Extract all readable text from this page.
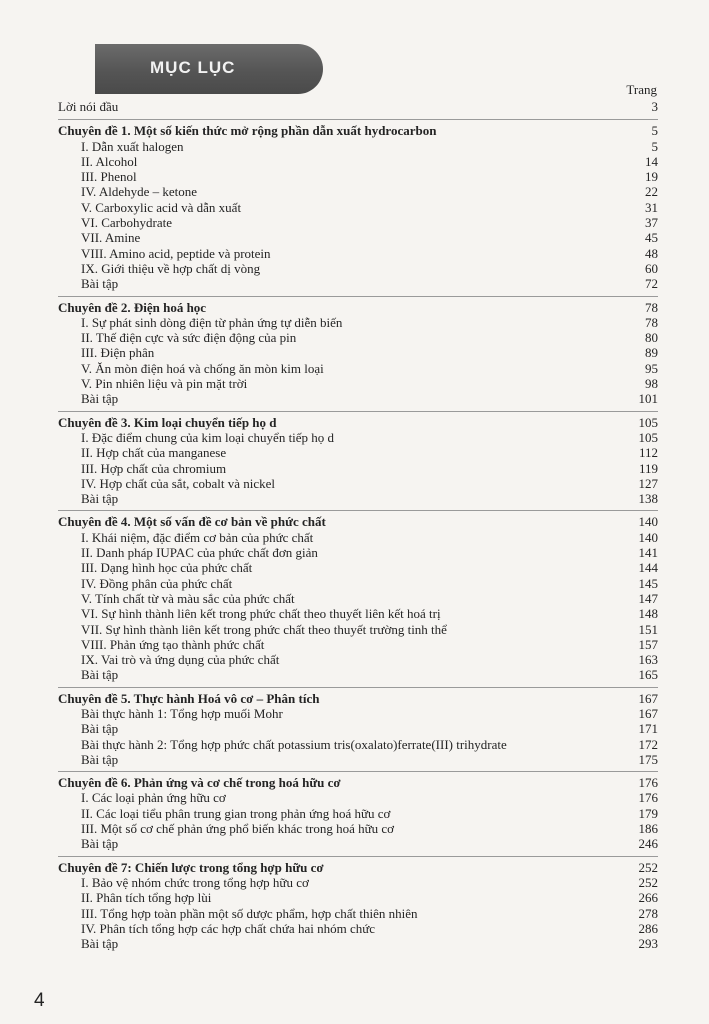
MỤC LỤC
Trang
Lời nói đầu	3
Chuyên đề 1. Một số kiến thức mở rộng phần dẫn xuất hydrocarbon	5
I. Dẫn xuất halogen	5
II. Alcohol	14
III. Phenol	19
IV. Aldehyde – ketone	22
V. Carboxylic acid và dẫn xuất	31
VI. Carbohydrate	37
VII. Amine	45
VIII. Amino acid, peptide và protein	48
IX. Giới thiệu về hợp chất dị vòng	60
Bài tập	72
Chuyên đề 2. Điện hoá học	78
I. Sự phát sinh dòng điện từ phản ứng tự diễn biến	78
II. Thế điện cực và sức điện động của pin	80
III. Điện phân	89
V. Ăn mòn điện hoá và chống ăn mòn kim loại	95
V. Pin nhiên liệu và pin mặt trời	98
Bài tập	101
Chuyên đề 3. Kim loại chuyển tiếp họ d	105
I. Đặc điểm chung của kim loại chuyển tiếp họ d	105
II. Hợp chất của manganese	112
III. Hợp chất của chromium	119
IV. Hợp chất của sắt, cobalt và nickel	127
Bài tập	138
Chuyên đề 4. Một số vấn đề cơ bản về phức chất	140
I. Khái niệm, đặc điểm cơ bản của phức chất	140
II. Danh pháp IUPAC của phức chất đơn giản	141
III. Dạng hình học của phức chất	144
IV. Đồng phân của phức chất	145
V. Tính chất từ và màu sắc của phức chất	147
VI. Sự hình thành liên kết trong phức chất theo thuyết liên kết hoá trị	148
VII. Sự hình thành liên kết trong phức chất theo thuyết trường tinh thể	151
VIII. Phản ứng tạo thành phức chất	157
IX. Vai trò và ứng dụng của phức chất	163
Bài tập	165
Chuyên đề 5. Thực hành Hoá vô cơ – Phân tích	167
Bài thực hành 1: Tổng hợp muối Mohr	167
Bài tập	171
Bài thực hành 2: Tổng hợp phức chất potassium tris(oxalato)ferrate(III) trihydrate	172
Bài tập	175
Chuyên đề 6. Phản ứng và cơ chế trong hoá hữu cơ	176
I. Các loại phản ứng hữu cơ	176
II. Các loại tiểu phân trung gian trong phản ứng hoá hữu cơ	179
III. Một số cơ chế phản ứng phổ biến khác trong hoá hữu cơ	186
Bài tập	246
Chuyên đề 7: Chiến lược trong tổng hợp hữu cơ	252
I. Bảo vệ nhóm chức trong tổng hợp hữu cơ	252
II. Phân tích tổng hợp lùi	266
III. Tổng hợp toàn phần một số dược phẩm, hợp chất thiên nhiên	278
IV. Phân tích tổng hợp các hợp chất chứa hai nhóm chức	286
Bài tập	293
4
